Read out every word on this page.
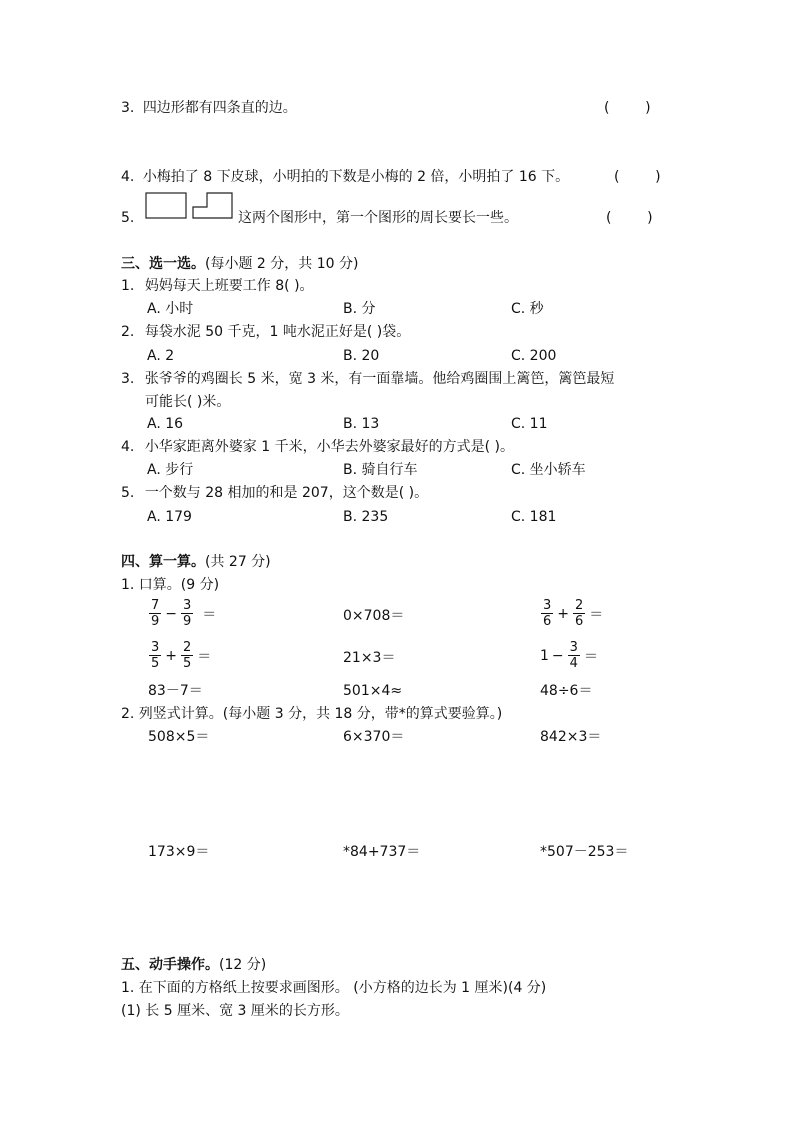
3. 四边形都有四条直的边。	(        )
4. 小梅拍了 8 下皮球，小明拍的下数是小梅的 2 倍，小明拍了 16 下。	(        )
5.	这两个图形中，第一个图形的周长要长一些。	(        )
三、选一选。(每小题 2 分，共 10 分)
1. 妈妈每天上班要工作 8( )。
A. 小时	B. 分	C. 秒
2. 每袋水泥 50 千克，1 吨水泥正好是( )袋。
A. 2	B. 20	C. 200
3. 张爷爷的鸡圈长 5 米，宽 3 米，有一面靠墙。他给鸡圈围上篱笆，篱笆最短
可能长( )米。
A. 16	B. 13	C. 11
4. 小华家距离外婆家 1 千米，小华去外婆家最好的方式是( )。
A. 步行	B. 骑自行车	C. 坐小轿车
5. 一个数与 28 相加的和是 207，这个数是( )。
A. 179	B. 235	C. 181
四、算一算。(共 27 分)
1. 口算。(9 分)
$\frac{7}{9} - \frac{3}{9}$ ＝	0×708＝	$\frac{3}{6} + \frac{2}{6}$ ＝
$\frac{3}{5} + \frac{2}{5}$ ＝	21×3＝	$1 - \frac{3}{4}$ ＝
83－7＝	501×4≈	48÷6＝
2. 列竖式计算。(每小题 3 分，共 18 分，带*的算式要验算。)
508×5＝	6×370＝	842×3＝
173×9＝	*84+737＝	*507－253＝
五、动手操作。(12 分)
1. 在下面的方格纸上按要求画图形。 (小方格的边长为 1 厘米)(4 分)
(1) 长 5 厘米、宽 3 厘米的长方形。
